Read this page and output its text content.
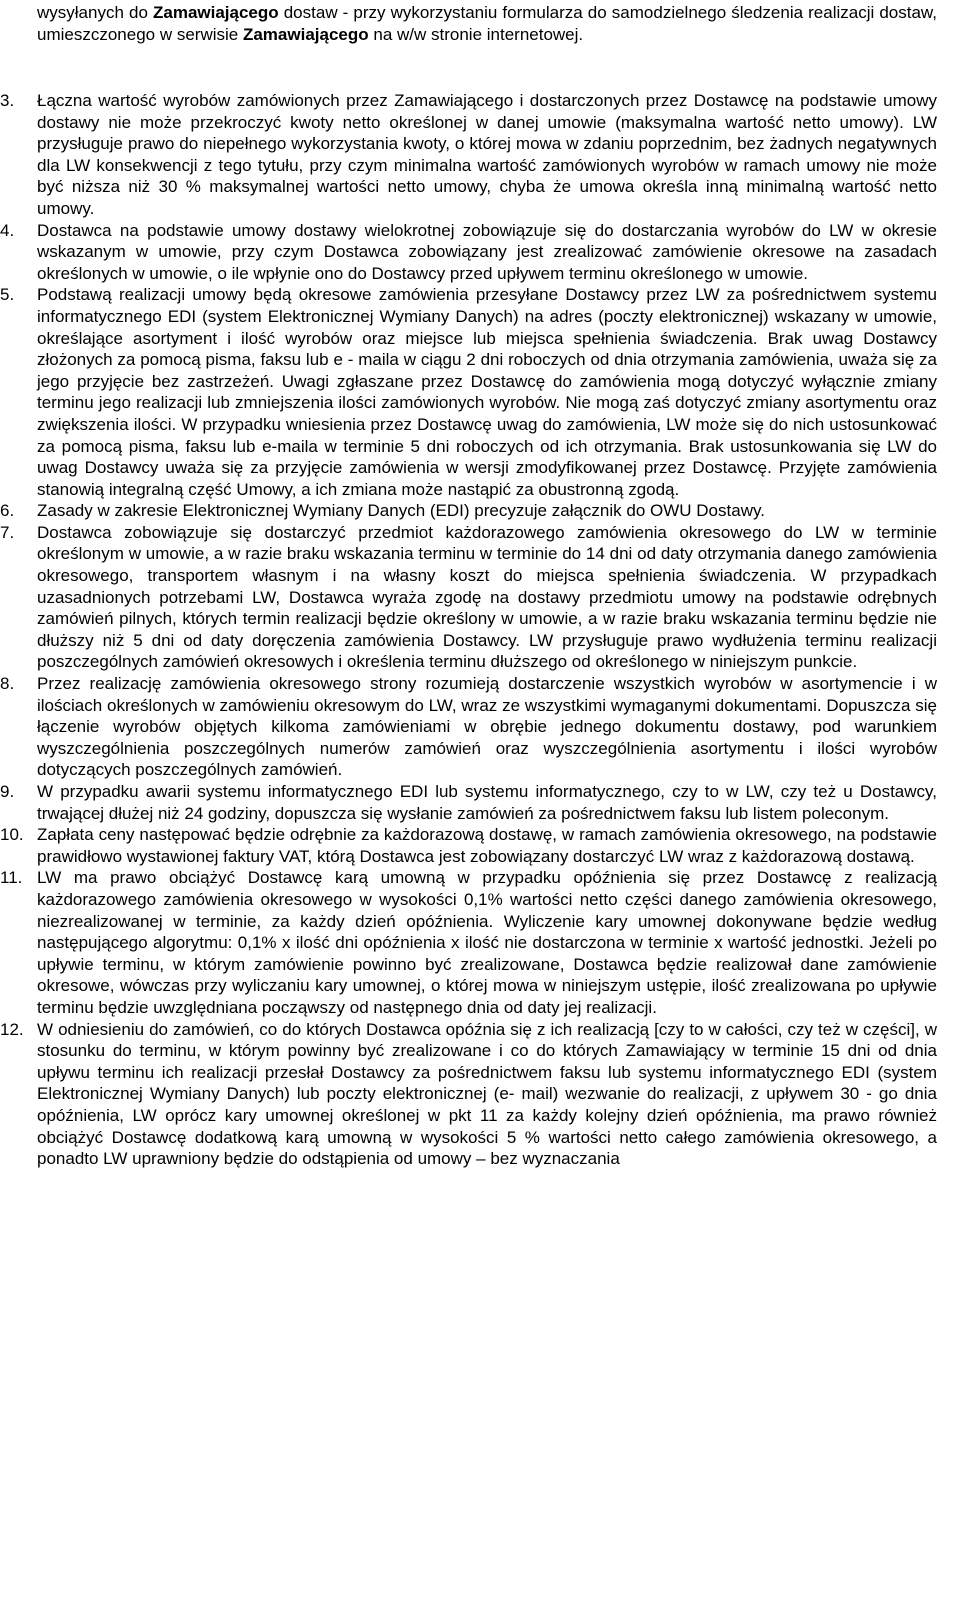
wysyłanych do Zamawiającego dostaw - przy wykorzystaniu formularza do samodzielnego śledzenia realizacji dostaw, umieszczonego w serwisie Zamawiającego na w/w stronie internetowej.

3. Łączna wartość wyrobów zamówionych przez Zamawiającego i dostarczonych przez Dostawcę na podstawie umowy dostawy nie może przekroczyć kwoty netto określonej w danej umowie (maksymalna wartość netto umowy). LW przysługuje prawo do niepełnego wykorzystania kwoty, o której mowa w zdaniu poprzednim, bez żadnych negatywnych dla LW konsekwencji z tego tytułu, przy czym minimalna wartość zamówionych wyrobów w ramach umowy nie może być niższa niż 30 % maksymalnej wartości netto umowy, chyba że umowa określa inną minimalną wartość netto umowy.
4. Dostawca na podstawie umowy dostawy wielokrotnej zobowiązuje się do dostarczania wyrobów do LW w okresie wskazanym w umowie, przy czym Dostawca zobowiązany jest zrealizować zamówienie okresowe na zasadach określonych w umowie, o ile wpłynie ono do Dostawcy przed upływem terminu określonego w umowie.
5. Podstawą realizacji umowy będą okresowe zamówienia przesyłane Dostawcy przez LW za pośrednictwem systemu informatycznego EDI (system Elektronicznej Wymiany Danych) na adres (poczty elektronicznej) wskazany w umowie, określające asortyment i ilość wyrobów oraz miejsce lub miejsca spełnienia świadczenia. Brak uwag Dostawcy złożonych za pomocą pisma, faksu lub e - maila w ciągu 2 dni roboczych od dnia otrzymania zamówienia, uważa się za jego przyjęcie bez zastrzeżeń. Uwagi zgłaszane przez Dostawcę do zamówienia mogą dotyczyć wyłącznie zmiany terminu jego realizacji lub zmniejszenia ilości zamówionych wyrobów. Nie mogą zaś dotyczyć zmiany asortymentu oraz zwiększenia ilości. W przypadku wniesienia przez Dostawcę uwag do zamówienia, LW może się do nich ustosunkować za pomocą pisma, faksu lub e-maila w terminie 5 dni roboczych od ich otrzymania. Brak ustosunkowania się LW do uwag Dostawcy uważa się za przyjęcie zamówienia w wersji zmodyfikowanej przez Dostawcę. Przyjęte zamówienia stanowią integralną część Umowy, a ich zmiana może nastąpić za obustronną zgodą.
6. Zasady w zakresie Elektronicznej Wymiany Danych (EDI) precyzuje załącznik do OWU Dostawy.
7. Dostawca zobowiązuje się dostarczyć przedmiot każdorazowego zamówienia okresowego do LW w terminie określonym w umowie, a w razie braku wskazania terminu w terminie do 14 dni od daty otrzymania danego zamówienia okresowego, transportem własnym i na własny koszt do miejsca spełnienia świadczenia. W przypadkach uzasadnionych potrzebami LW, Dostawca wyraża zgodę na dostawy przedmiotu umowy na podstawie odrębnych zamówień pilnych, których termin realizacji będzie określony w umowie, a w razie braku wskazania terminu będzie nie dłuższy niż 5 dni od daty doręczenia zamówienia Dostawcy. LW przysługuje prawo wydłużenia terminu realizacji poszczególnych zamówień okresowych i określenia terminu dłuższego od określonego w niniejszym punkcie.
8. Przez realizację zamówienia okresowego strony rozumieją dostarczenie wszystkich wyrobów w asortymencie i w ilościach określonych w zamówieniu okresowym do LW, wraz ze wszystkimi wymaganymi dokumentami. Dopuszcza się łączenie wyrobów objętych kilkoma zamówieniami w obrębie jednego dokumentu dostawy, pod warunkiem wyszczególnienia poszczególnych numerów zamówień oraz wyszczególnienia asortymentu i ilości wyrobów dotyczących poszczególnych zamówień.
9. W przypadku awarii systemu informatycznego EDI lub systemu informatycznego, czy to w LW, czy też u Dostawcy, trwającej dłużej niż 24 godziny, dopuszcza się wysłanie zamówień za pośrednictwem faksu lub listem poleconym.
10. Zapłata ceny następować będzie odrębnie za każdorazową dostawę, w ramach zamówienia okresowego, na podstawie prawidłowo wystawionej faktury VAT, którą Dostawca jest zobowiązany dostarczyć LW wraz z każdorazową dostawą.
11. LW ma prawo obciążyć Dostawcę karą umowną w przypadku opóźnienia się przez Dostawcę z realizacją każdorazowego zamówienia okresowego w wysokości 0,1% wartości netto części danego zamówienia okresowego, niezrealizowanej w terminie, za każdy dzień opóźnienia. Wyliczenie kary umownej dokonywane będzie według następującego algorytmu: 0,1% x ilość dni opóźnienia x ilość nie dostarczona w terminie x wartość jednostki. Jeżeli po upływie terminu, w którym zamówienie powinno być zrealizowane, Dostawca będzie realizował dane zamówienie okresowe, wówczas przy wyliczaniu kary umownej, o której mowa w niniejszym ustępie, ilość zrealizowana po upływie terminu będzie uwzględniana począwszy od następnego dnia od daty jej realizacji.
12. W odniesieniu do zamówień, co do których Dostawca opóźnia się z ich realizacją [czy to w całości, czy też w części], w stosunku do terminu, w którym powinny być zrealizowane i co do których Zamawiający w terminie 15 dni od dnia upływu terminu ich realizacji przesłał Dostawcy za pośrednictwem faksu lub systemu informatycznego EDI (system Elektronicznej Wymiany Danych) lub poczty elektronicznej (e- mail) wezwanie do realizacji, z upływem 30 - go dnia opóźnienia, LW oprócz kary umownej określonej w pkt 11 za każdy kolejny dzień opóźnienia, ma prawo również obciążyć Dostawcę dodatkową karą umowną w wysokości 5 % wartości netto całego zamówienia okresowego, a ponadto LW uprawniony będzie do odstąpienia od umowy – bez wyznaczania
